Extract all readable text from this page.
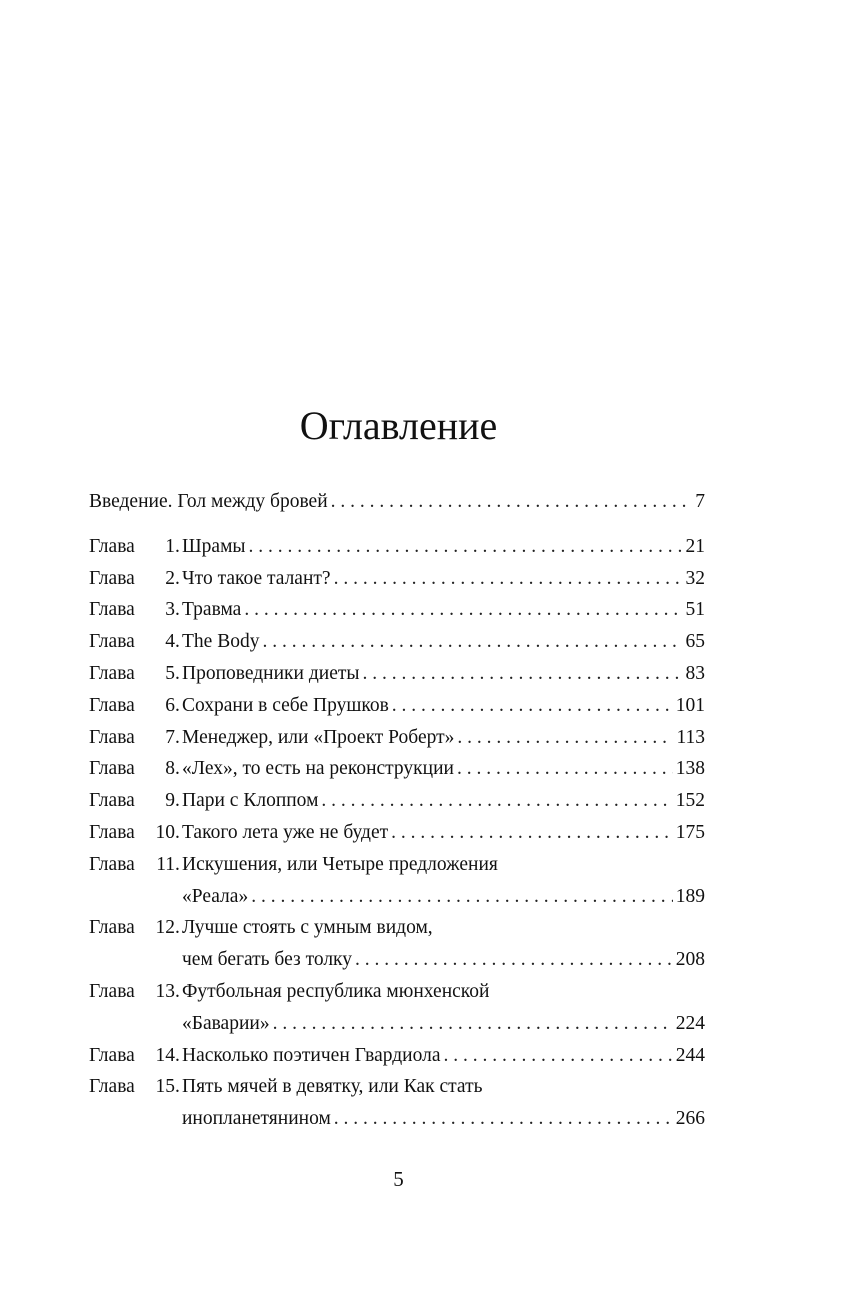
Оглавление
Введение. Гол между бровей . . .	7
Глава	1 . Шрамы . . .	21
Глава	2 . Что такое талант? . . .	32
Глава	3 . Травма . . .	51
Глава	4 . The Body . . .	65
Глава	5 . Проповедники диеты . . .	83
Глава	6 . Сохрани в себе Прушков . . .	101
Глава	7 . Менеджер, или «Проект Роберт» . . .	113
Глава	8 . «Лех», то есть на реконструкции . . .	138
Глава	9 . Пари с Клоппом . . .	152
Глава	10 . Такого лета уже не будет . . .	175
Глава	11 . Искушения, или Четыре предложения
«Реала» . . .	189
Глава	12 . Лучше стоять с умным видом,
чем бегать без толку . . .	208
Глава	13 . Футбольная республика мюнхенской
«Баварии» . . .	224
Глава	14 . Насколько поэтичен Гвардиола . . .	244
Глава	15 . Пять мячей в девятку, или Как стать
инопланетянином . . .	266
5
